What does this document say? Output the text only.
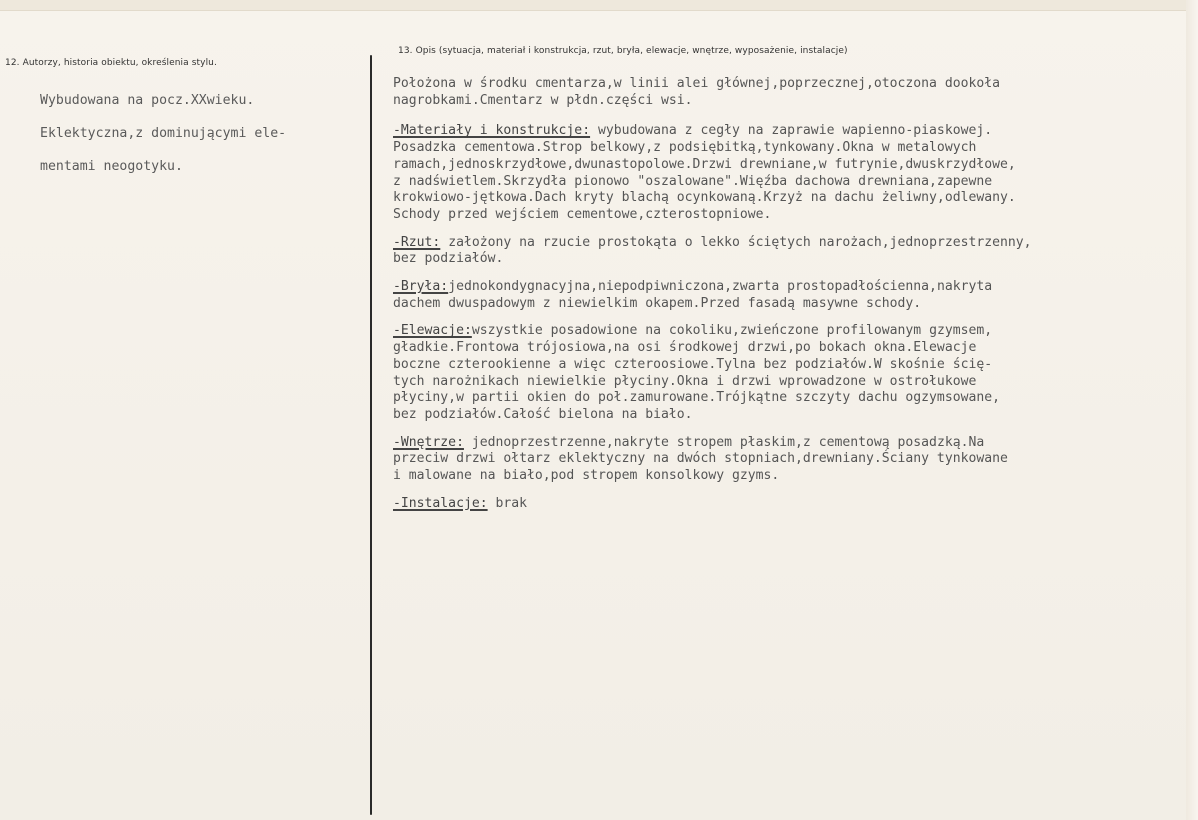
12. Autorzy, historia obiektu, określenia stylu.
13. Opis (sytuacja, materiał i konstrukcja, rzut, bryła, elewacje, wnętrze, wyposażenie, instalacje)

Wybudowana na pocz.XXwieku.

Eklektyczna,z dominującymi ele-

mentami neogotyku.

Położona w środku cmentarza,w linii alei głównej,poprzecznej,otoczona dookoła
nagrobkami.Cmentarz w płdn.części wsi.
-Materiały i konstrukcje: wybudowana z cegły na zaprawie wapienno-piaskowej.
Posadzka cementowa.Strop belkowy,z podsiębitką,tynkowany.Okna w metalowych
ramach,jednoskrzydłowe,dwunastopolowe.Drzwi drewniane,w futrynie,dwuskrzydłowe,
z nadświetlem.Skrzydła pionowo "oszalowane".Więźba dachowa drewniana,zapewne
krokwiowo-jętkowa.Dach kryty blachą ocynkowaną.Krzyż na dachu żeliwny,odlewany.
Schody przed wejściem cementowe,czterostopniowe.
-Rzut: założony na rzucie prostokąta o lekko ściętych narożach,jednoprzestrzenny,
bez podziałów.
-Bryła:jednokondygnacyjna,niepodpiwniczona,zwarta prostopadłościenna,nakryta
dachem dwuspadowym z niewielkim okapem.Przed fasadą masywne schody.
-Elewacje:wszystkie posadowione na cokoliku,zwieńczone profilowanym gzymsem,
gładkie.Frontowa trójosiowa,na osi środkowej drzwi,po bokach okna.Elewacje
boczne czterookienne a więc czteroosiowe.Tylna bez podziałów.W skośnie ścię-
tych narożnikach niewielkie płyciny.Okna i drzwi wprowadzone w ostrołukowe
płyciny,w partii okien do poł.zamurowane.Trójkątne szczyty dachu ogzymsowane,
bez podziałów.Całość bielona na biało.
-Wnętrze: jednoprzestrzenne,nakryte stropem płaskim,z cementową posadzką.Na
przeciw drzwi ołtarz eklektyczny na dwóch stopniach,drewniany.Ściany tynkowane
i malowane na biało,pod stropem konsolkowy gzyms.
-Instalacje: brak
